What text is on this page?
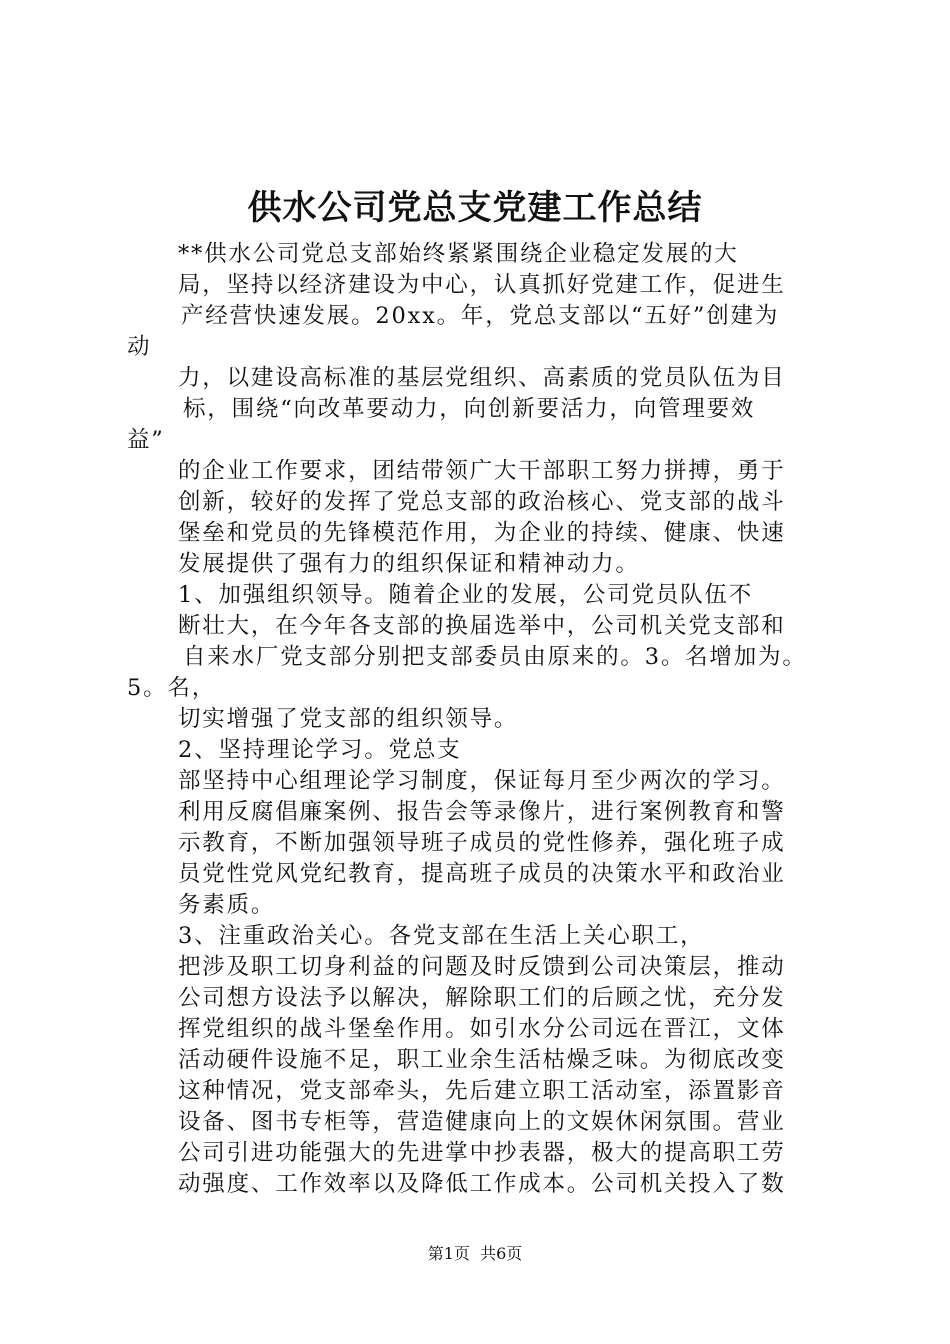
供水公司党总支党建工作总结
**供水公司党总支部始终紧紧围绕企业稳定发展的大
局，坚持以经济建设为中心，认真抓好党建工作，促进生
产经营快速发展。20xx。年，党总支部以“五好”创建为
动
力，以建设高标准的基层党组织、高素质的党员队伍为目
标，围绕“向改革要动力，向创新要活力，向管理要效
益”
的企业工作要求，团结带领广大干部职工努力拼搏，勇于
创新，较好的发挥了党总支部的政治核心、党支部的战斗
堡垒和党员的先锋模范作用，为企业的持续、健康、快速
发展提供了强有力的组织保证和精神动力。
1、加强组织领导。随着企业的发展，公司党员队伍不
断壮大，在今年各支部的换届选举中，公司机关党支部和
自来水厂党支部分别把支部委员由原来的。3。名增加为。
5。名，
切实增强了党支部的组织领导。
2、坚持理论学习。党总支
部坚持中心组理论学习制度，保证每月至少两次的学习。
利用反腐倡廉案例、报告会等录像片，进行案例教育和警
示教育，不断加强领导班子成员的党性修养，强化班子成
员党性党风党纪教育，提高班子成员的决策水平和政治业
务素质。
3、注重政治关心。各党支部在生活上关心职工，
把涉及职工切身利益的问题及时反馈到公司决策层，推动
公司想方设法予以解决，解除职工们的后顾之忧，充分发
挥党组织的战斗堡垒作用。如引水分公司远在晋江，文体
活动硬件设施不足，职工业余生活枯燥乏味。为彻底改变
这种情况，党支部牵头，先后建立职工活动室，添置影音
设备、图书专柜等，营造健康向上的文娱休闲氛围。营业
公司引进功能强大的先进掌中抄表器，极大的提高职工劳
动强度、工作效率以及降低工作成本。公司机关投入了数
第1页  共6页
